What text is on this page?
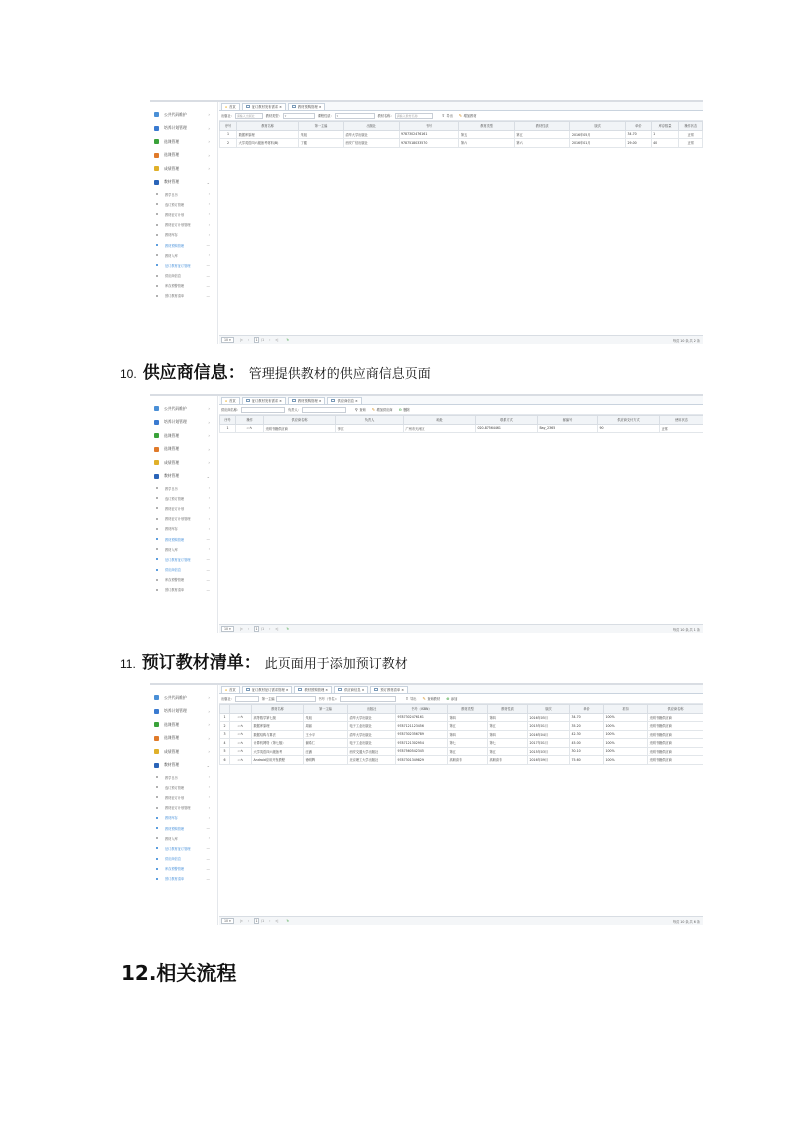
公共代码维护	›
培养计划管理	›
选课管理	›
选课管理	›
成绩管理	›
教材管理	⌄
教学日历	›
选订预订管理	›
教材征订计划	›
教材征订计划管理	›
教材库存	›
教材预购管理	—
教材入库	›
征订教材征订管理	—
供应商信息	—
库存预警管理	—
预订教材清单	—
⌂ 首页	征订教材发布需求 ×	教材预购管理 ×
出版社：	请输入出版社	教材类型：	▾	课程性质：	▾	教材名称：	请输入教材名称	⇪ 导出 ✎ 增加教材
序号	教材名称	第一主编	出版社	书号	教材类型	教材性质	版次	单价	库存数量	操作状态
1	数据库原理	朱旭	清华大学出版社	9787302476161	第五	第五	2016年05月	34.70	1	正常
2	大学英语四六级备考材料(B)	丁健	西安广信出版社	9787518033570	第六	第六	2016年01月	29.00	40	正常
10 ▾	|« ‹	1	/1 › »|	↻	每页 10 条,共 2 条
10. 供应商信息 ： 管理提供教材的供应商信息页面
公共代码维护	›
培养计划管理	›
选课管理	›
选课管理	›
成绩管理	›
教材管理	⌄
教学日历	›
选订预订管理	›
教材征订计划	›
教材征订计划管理	›
教材库存	›
教材预购管理	—
教材入库	›
征订教材征订管理	—
供应商信息	—
库存预警管理	—
预订教材清单	—
⌂ 首页	征订教材发布需求 ×	教材预购管理 ×	供应商信息 ×
供应商名称：	负责人：	⚲ 查询 ✎ 增加供应商 ⊖ 删除
序号	操作	供应商名称	负责人	地址	联系方式	邮编号	供应商支付方式	使用状态
1	▭✎	光明书籍供应商	李江	广州市天河区	020-87564461	Bay_2365	90	正常
10 ▾	|« ‹	1	/1 › »|	↻	每页 10 条,共 1 条
11. 预订教材清单 ： 此页面用于添加预订教材
公共代码维护	›
培养计划管理	›
选课管理	›
选课管理	›
成绩管理	›
教材管理	⌄
教学日历	›
选订预订管理	›
教材征订计划	›
教材征订计划管理	›
教材库存	›
教材预购管理	—
教材入库	›
征订教材征订管理	—
供应商信息	—
库存预警管理	—
预订教材清单	—
⌂ 首页	征订教材征订需求管理 ×	教材预购管理 ×	供应商信息 ×	预订教材清单 ×
出版社：	第一主编	书号（书名）：	⇪ 导出 ✎ 查询教材 ⊕ 添加
		教材名称	第一主编	出版社	书号（ISBN）	教材类型	教材性质	版次	单价	折扣	供应商名称
1	▭✎	高等数学第七版	朱旭	清华大学出版社	9787302476161	第四	第四	2016年05月	34.70	100%	光明书籍供应商
2	▭✎	数据库原理	周丽	电子工业出版社	9787121123456	第五	第五	2015年01月	35.20	100%	光明书籍供应商
3	▭✎	数据结构与算法	王小平	清华大学出版社	9787302356789	第四	第四	2016年04月	42.30	100%	光明书籍供应商
4	▭✎	计算机网络（第七版）	谢希仁	电子工业出版社	9787121302954	第七	第七	2017年01月	45.00	100%	光明书籍供应商
5	▭✎	大学英语四六级备考	汪涵	西安交通大学出版社	9787560542345	第五	第五	2015年03月	30.10	100%	光明书籍供应商
6	▭✎	Android应用开发教程	徐明辉	北京理工大学出版社	9787301349829	高职高专	高职高专	2016年09月	75.60	100%	光明书籍供应商
10 ▾	|« ‹	1	/1 › »|	↻	每页 10 条,共 6 条
12.相关流程
